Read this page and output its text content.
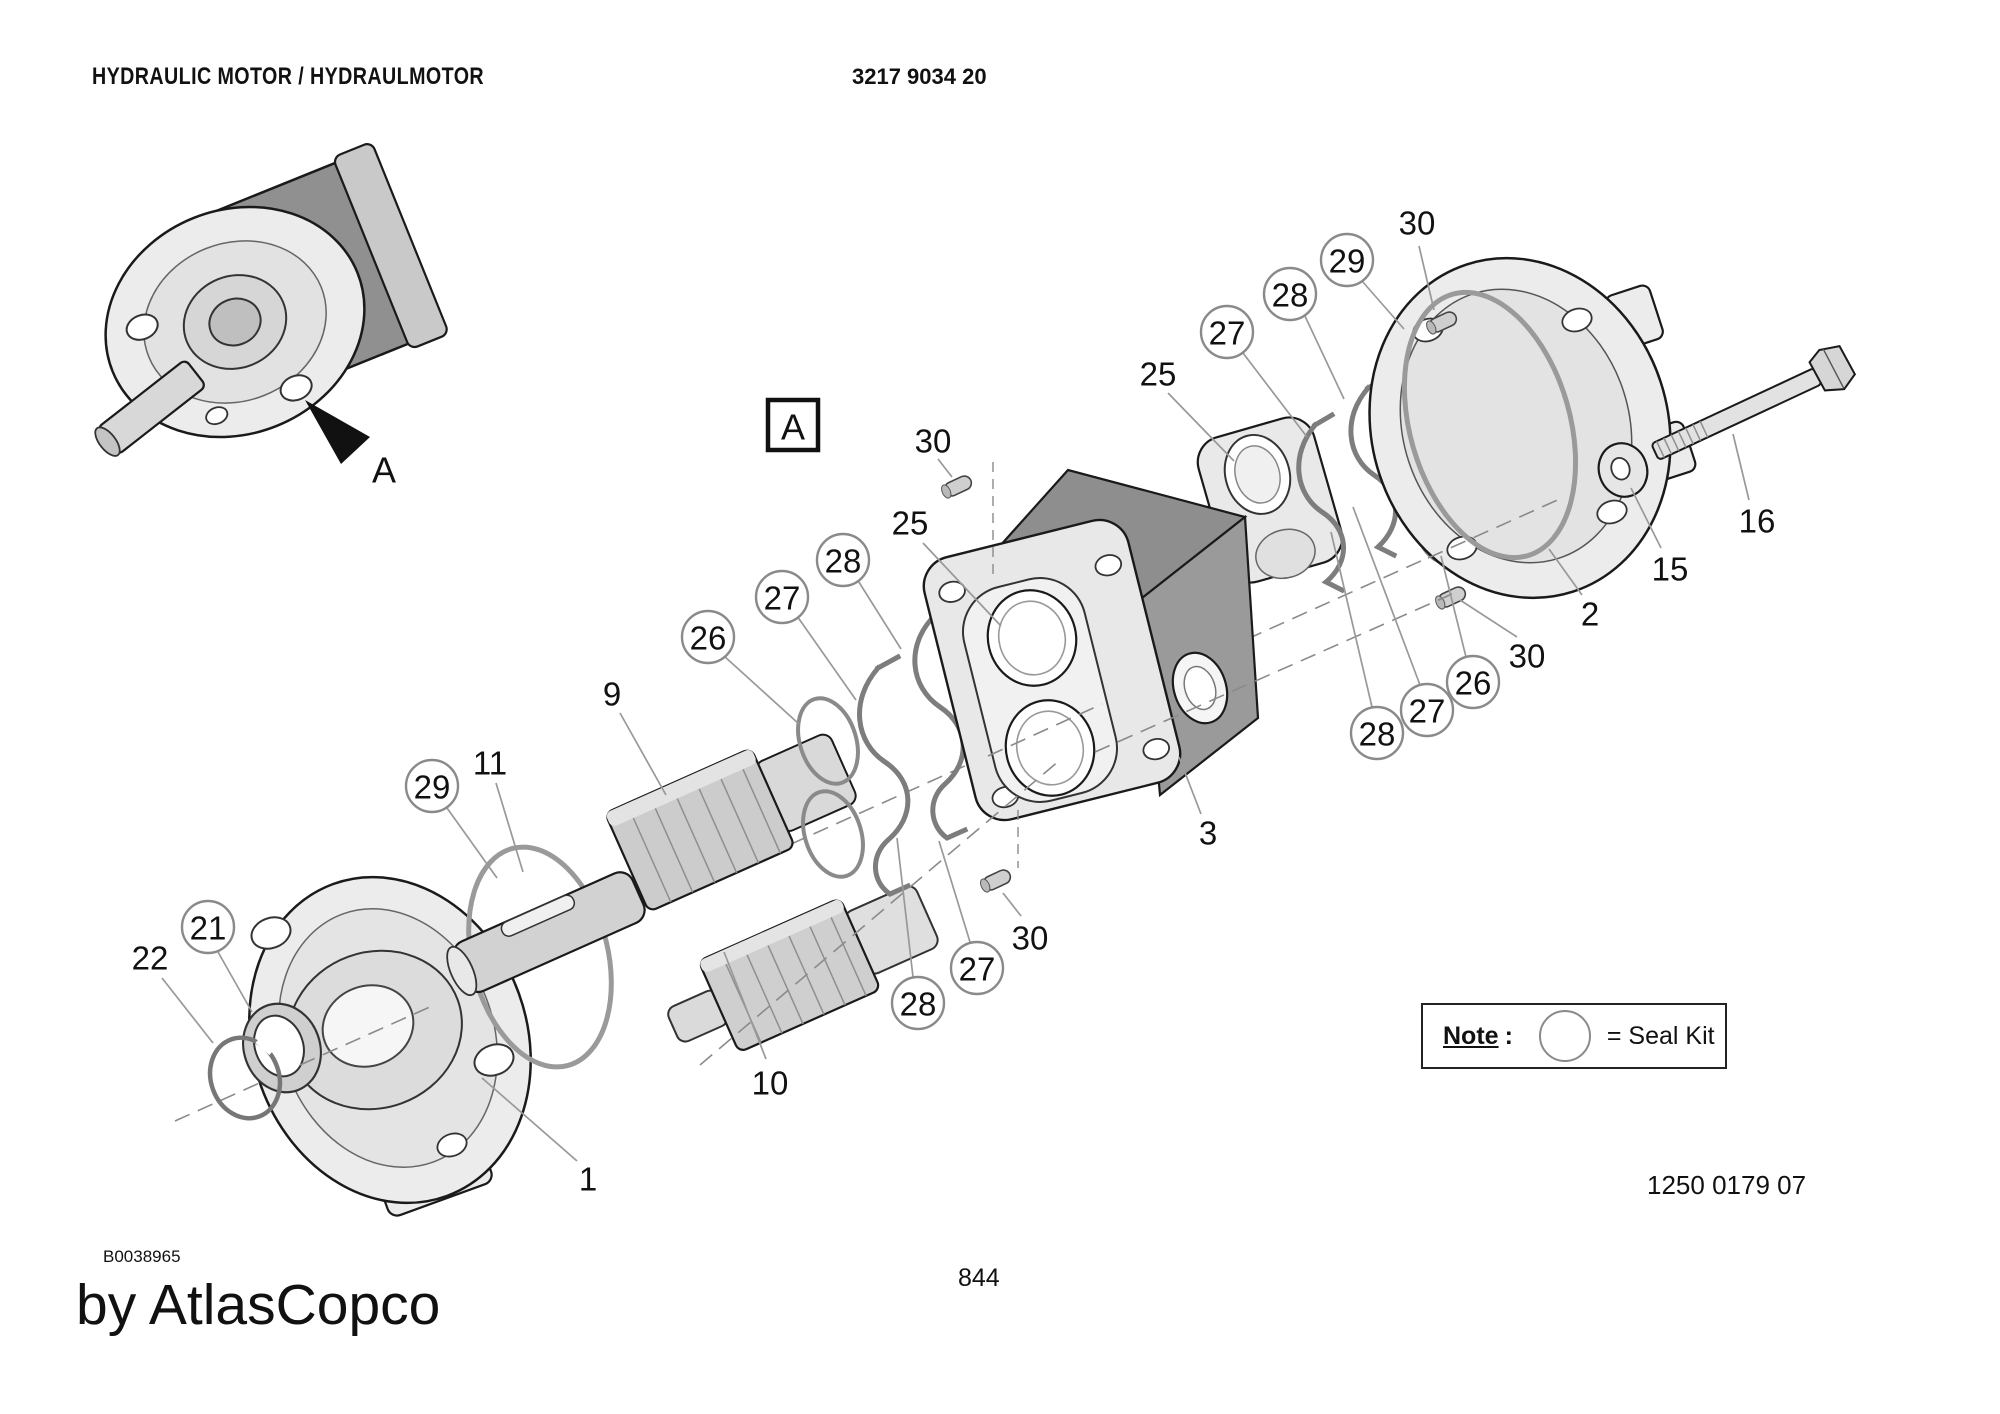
HYDRAULIC MOTOR / HYDRAULMOTOR	3217 9034 20
A
A
22
21
29
11
9
26
27
28
25
30
1
10
28
27
30
3
25
27
28
29
30
28
27
26
30
2
15
16
Note :	= Seal Kit
1250 0179 07
B0038965
844
by AtlasCopco
